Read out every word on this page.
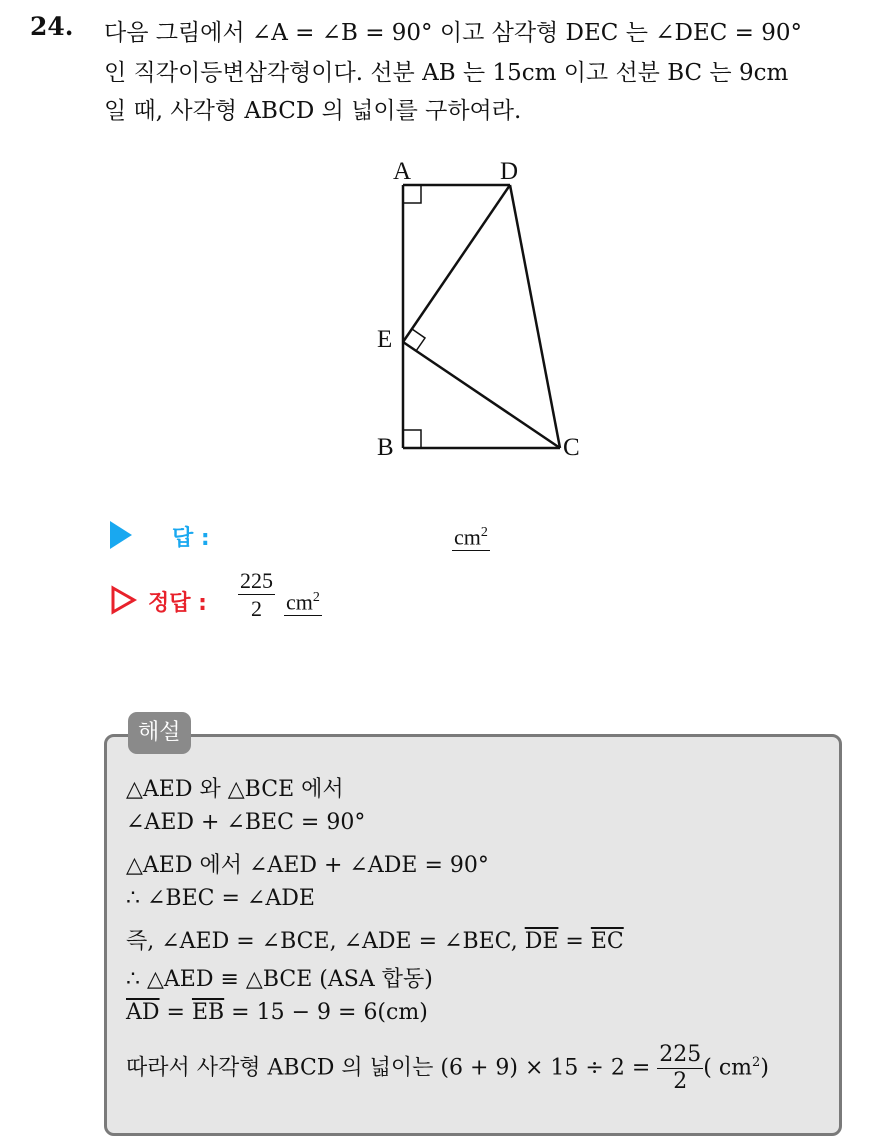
24. 다음 그림에서 ∠A = ∠B = 90° 이고 삼각형 DEC 는 ∠DEC = 90°
인 직각이등변삼각형이다. 선분 AB 는 15cm 이고 선분 BC 는 9cm
일 때, 사각형 ABCD 의 넓이를 구하여라.
A	D
E
B	C
답 :	$cm^2$
정답 : $\frac{225}{2} cm^2$
해설
△AED 와 △BCE 에서
∠AED + ∠BEC = 90°
△AED 에서 ∠AED + ∠ADE = 90°
∴ ∠BEC = ∠ADE
즉, ∠AED = ∠BCE, ∠ADE = ∠BEC, $\overline{DE} = \overline{EC}$
∴ △AED ≡ △BCE (ASA 합동)
$\overline{AD} = \overline{EB} = 15 - 9 = 6(cm)$
따라서 사각형 ABCD 의 넓이는 $(6 + 9) \times 15 \div 2 = \frac{225}{2}$ ( $cm^2$)
